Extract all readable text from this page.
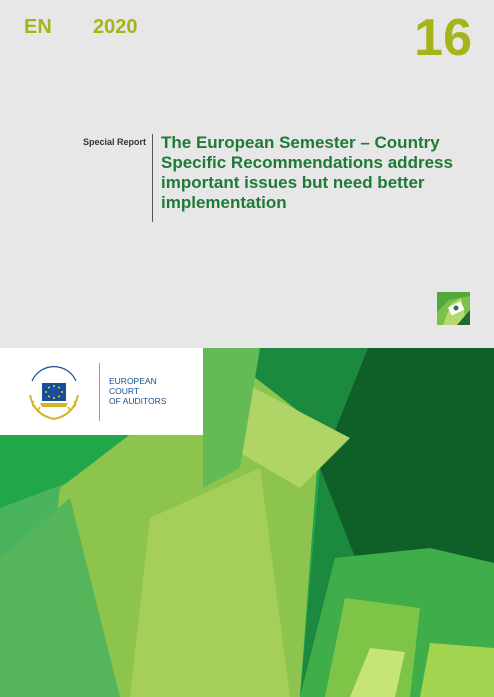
EN 2020	16
Special Report The European Semester – Country Specific Recommendations address important issues but need better implementation
EUROPEAN
COURT
OF AUDITORS
